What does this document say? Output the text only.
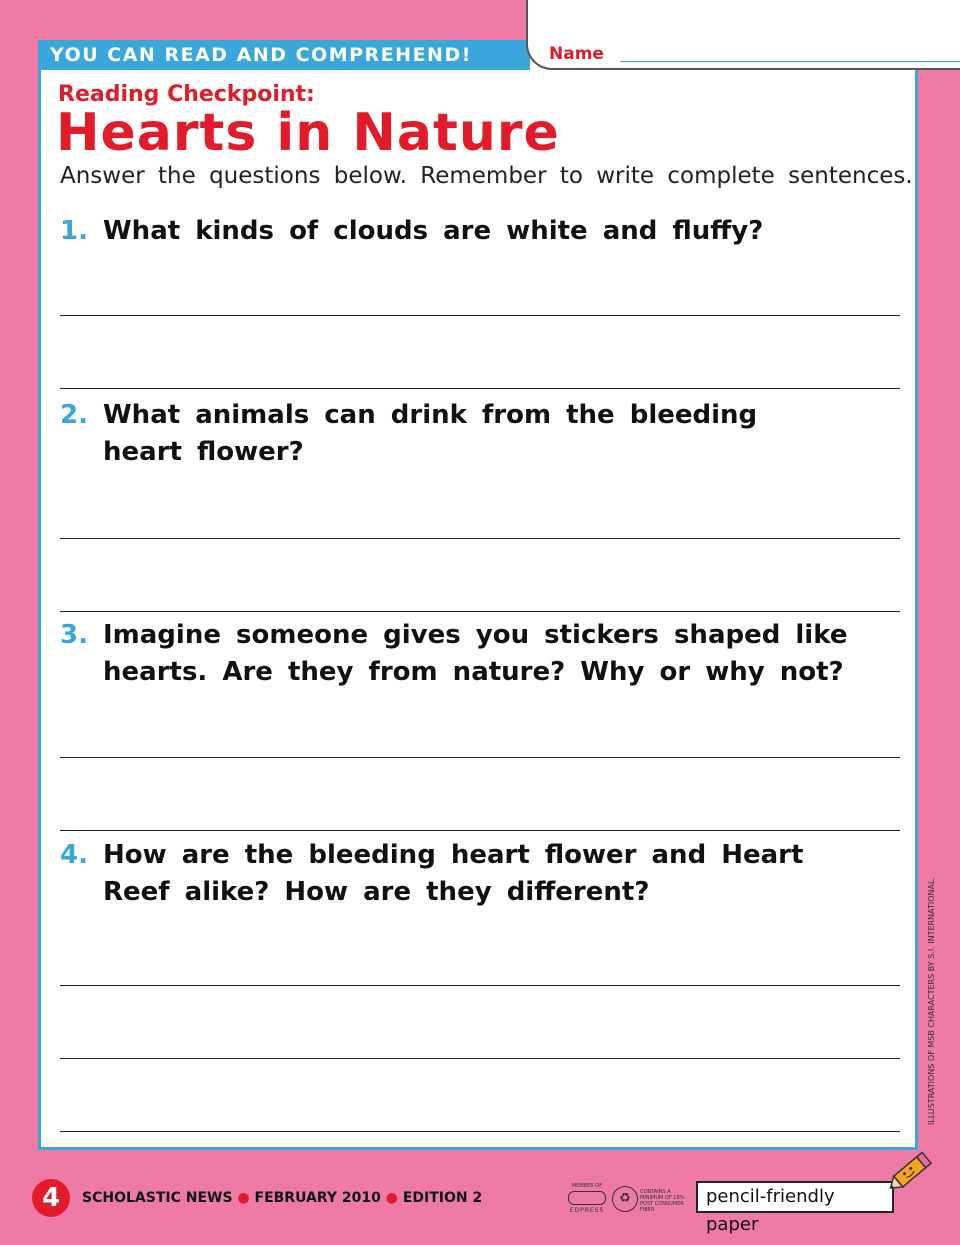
YOU CAN READ AND COMPREHEND!	Name
Reading Checkpoint:
Hearts in Nature
Answer the questions below. Remember to write complete sentences.
1. What kinds of clouds are white and fluffy?
2. What animals can drink from the bleeding
heart flower?
3. Imagine someone gives you stickers shaped like
hearts. Are they from nature? Why or why not?
4. How are the bleeding heart flower and Heart
Reef alike? How are they different?	ILLUSTRATIONS OF MSB CHARACTERS BY S.I. INTERNATIONAL.
4	SCHOLASTIC NEWS ● FEBRUARY 2010 ● EDITION 2
MEMBER OF
EDPRESS
♻	CONTAINS A MINIMUM OF 10% POST CONSUMER FIBER
pencil-friendly paper
